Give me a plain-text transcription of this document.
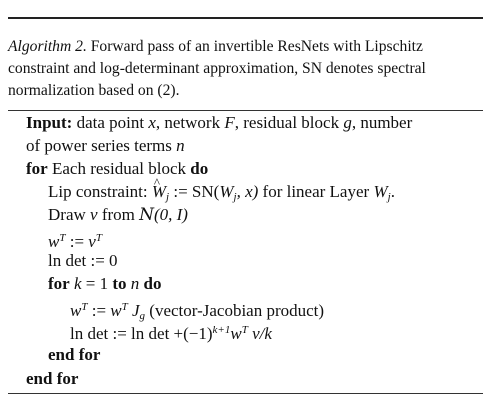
Algorithm 2. Forward pass of an invertible ResNets with Lipschitz constraint and log-determinant approximation, SN denotes spectral normalization based on (2).
Input: data point x, network F, residual block g, number
of power series terms n
for Each residual block do
Lip constraint: ^ $W_j$ := $SN(W_j$, x) for linear Layer $W_j$.
Draw v from N(0, I)
$w^T$ := $v^T$
ln det := 0
for k = 1 to n do
$w^T$ := $w^T$ $J_g$ (vector-Jacobian product)
ln det := $\ln \det +(-1)^{k+1}w^T$ v/k
end for
end for
